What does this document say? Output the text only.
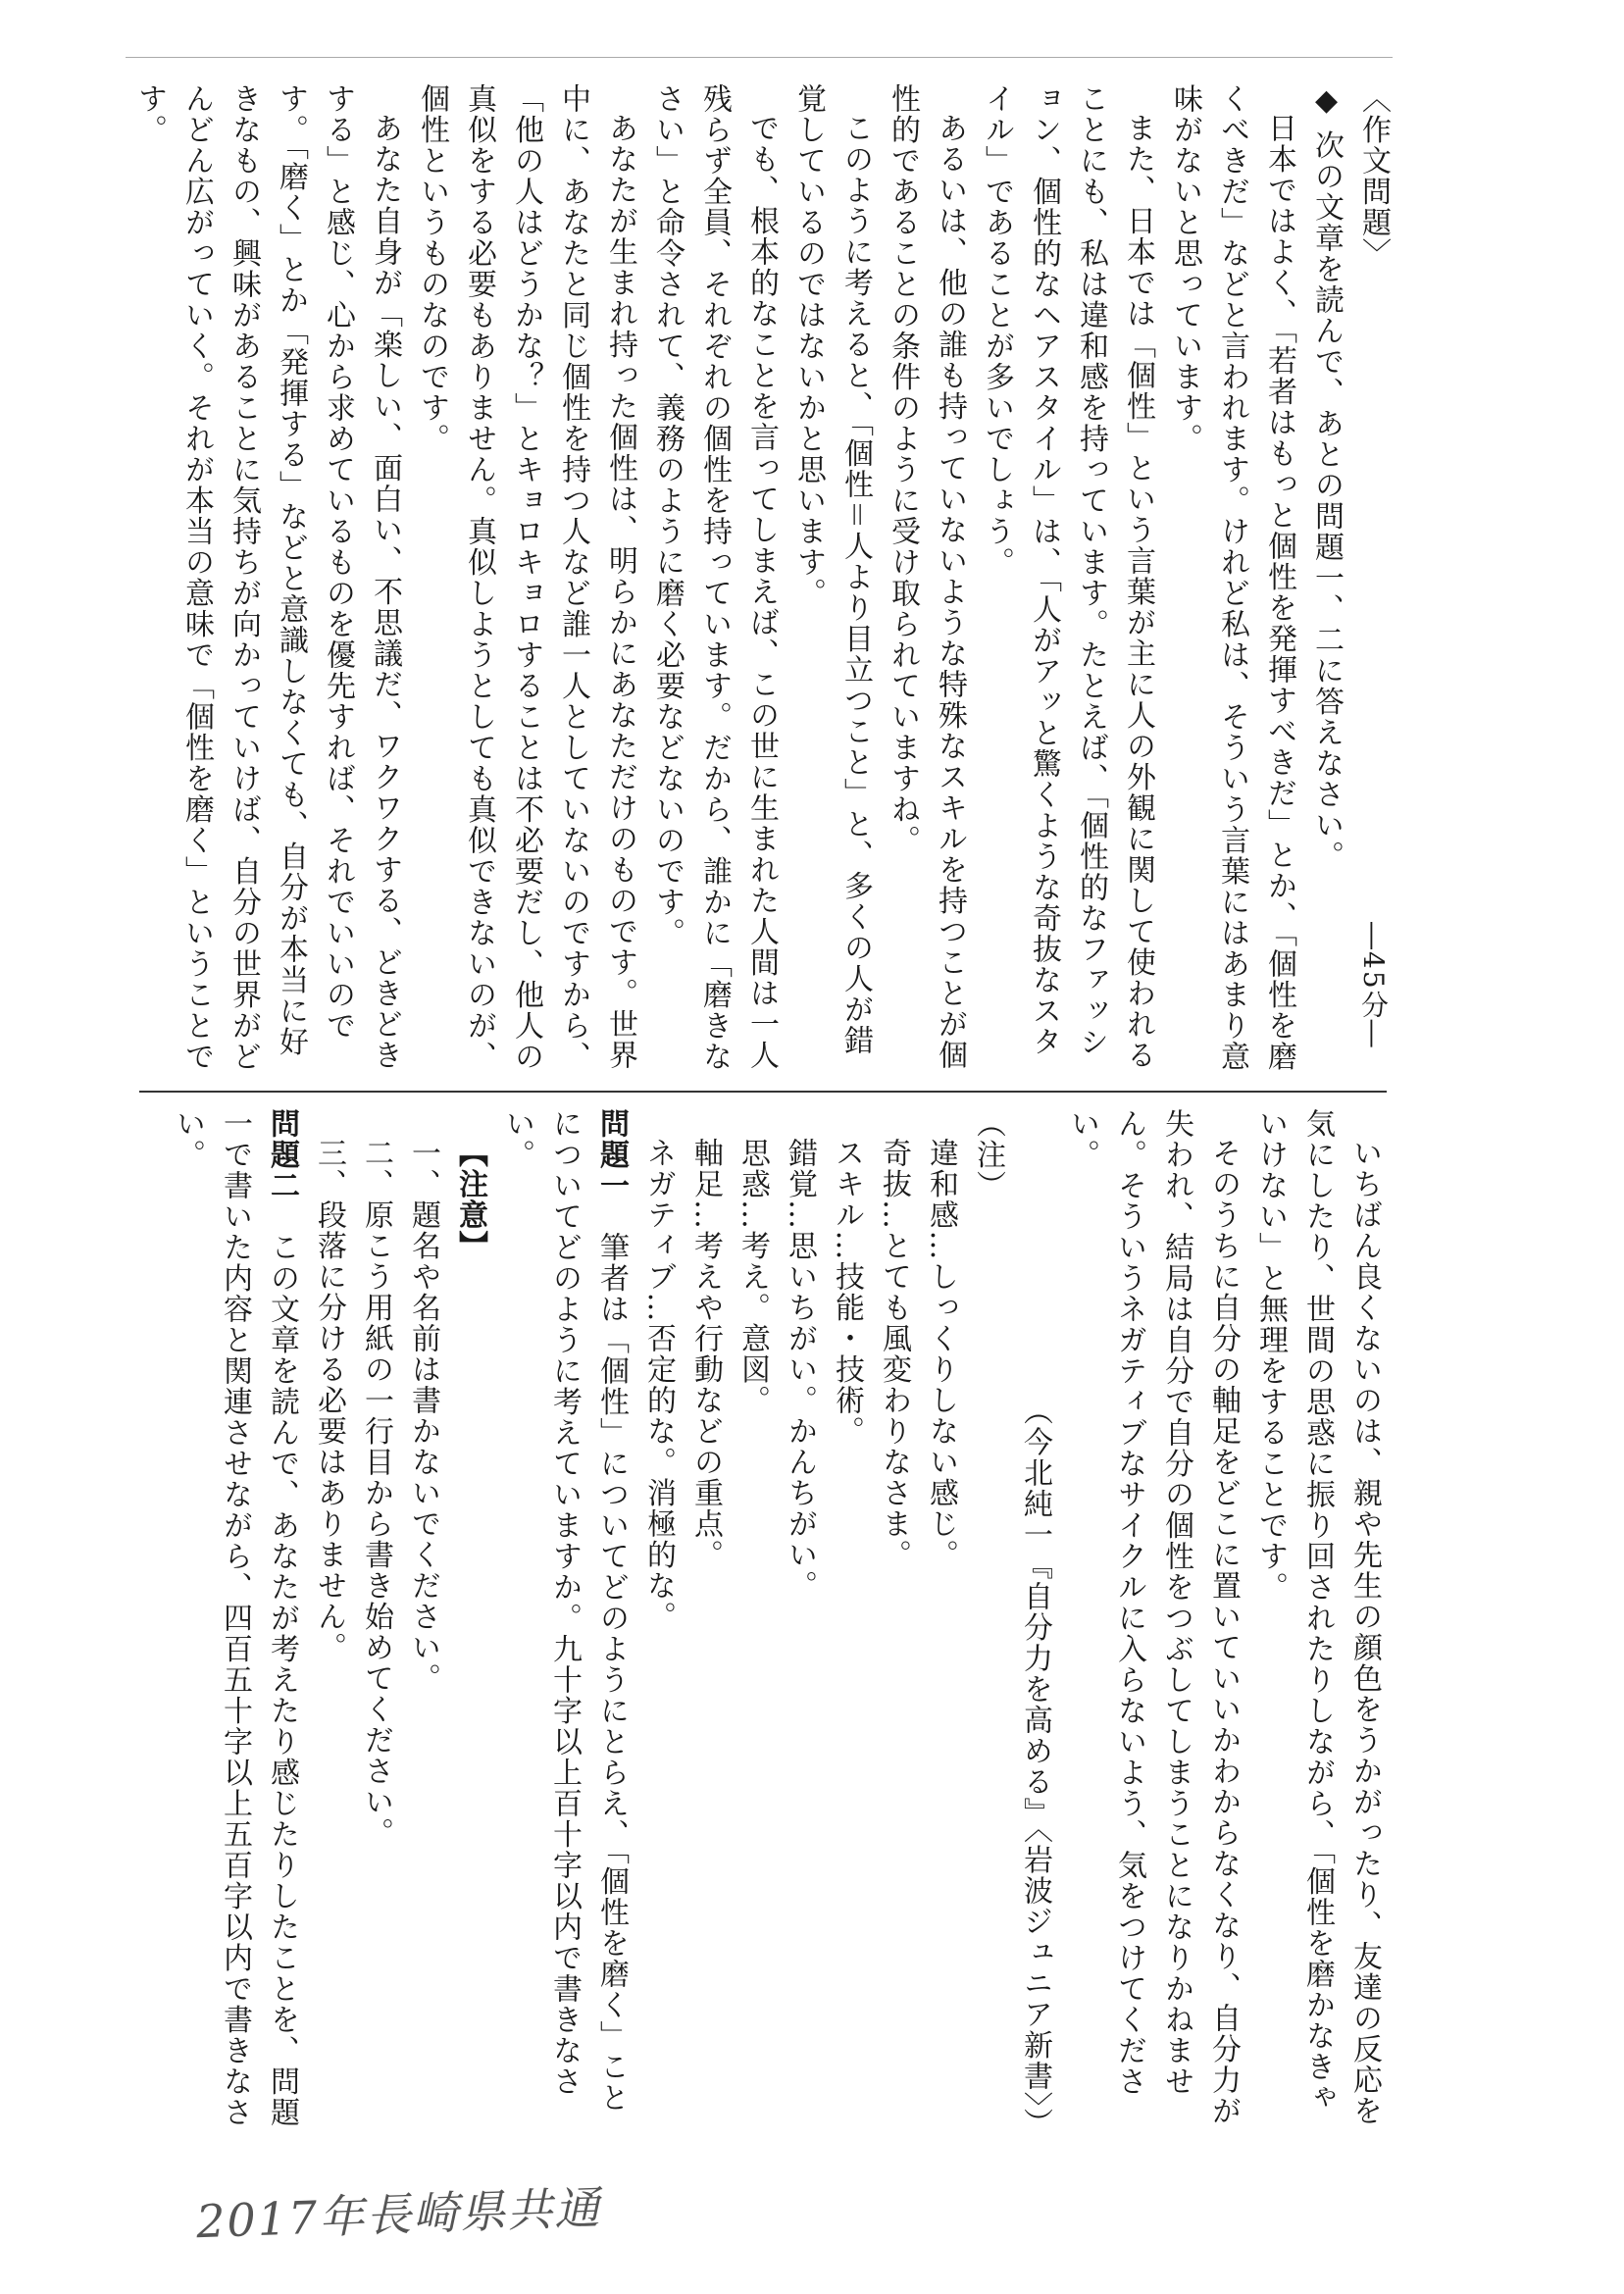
―45分―

〈作文問題〉

◆ 次の文章を読んで、あとの問題一、二に答えなさい。

日本ではよく、「若者はもっと個性を発揮すべきだ」とか、「個性を磨くべきだ」などと言われます。けれど私は、そういう言葉にはあまり意味がないと思っています。

また、日本では「個性」という言葉が主に人の外観に関して使われることにも、私は違和感を持っています。たとえば、「個性的なファッション、個性的なヘアスタイル」は、「人がアッと驚くような奇抜なスタイル」であることが多いでしょう。

あるいは、他の誰も持っていないような特殊なスキルを持つことが個性的であることの条件のように受け取られていますね。

このように考えると、「個性＝人より目立つこと」と、多くの人が錯覚しているのではないかと思います。

でも、根本的なことを言ってしまえば、この世に生まれた人間は一人残らず全員、それぞれの個性を持っています。だから、誰かに「磨きなさい」と命令されて、義務のように磨く必要などないのです。

あなたが生まれ持った個性は、明らかにあなただけのものです。世界中に、あなたと同じ個性を持つ人など誰一人としていないのですから、「他の人はどうかな？」とキョロキョロすることは不必要だし、他人の真似をする必要もありません。真似しようとしても真似できないのが、個性というものなのです。

あなた自身が「楽しい、面白い、不思議だ、ワクワクする、どきどきする」と感じ、心から求めているものを優先すれば、それでいいのです。「磨く」とか「発揮する」などと意識しなくても、自分が本当に好きなもの、興味があることに気持ちが向かっていけば、自分の世界がどんどん広がっていく。それが本当の意味で「個性を磨く」ということです。

いちばん良くないのは、親や先生の顔色をうかがったり、友達の反応を気にしたり、世間の思惑に振り回されたりしながら、「個性を磨かなきゃいけない」と無理をすることです。

そのうちに自分の軸足をどこに置いていいかわからなくなり、自分力が失われ、結局は自分で自分の個性をつぶしてしまうことになりかねません。そういうネガティブなサイクルに入らないよう、気をつけてください。

（今北純一『自分力を高める』〈岩波ジュニア新書〉）

（注）

違和感…しっくりしない感じ。

奇抜…とても風変わりなさま。

スキル…技能・技術。

錯覚…思いちがい。かんちがい。

思惑…考え。意図。

軸足…考えや行動などの重点。

ネガティブ…否定的な。消極的な。

問題一　筆者は「個性」についてどのようにとらえ、「個性を磨く」ことについてどのように考えていますか。九十字以上百十字以内で書きなさい。

【注意】

一、題名や名前は書かないでください。

二、原こう用紙の一行目から書き始めてください。

三、段落に分ける必要はありません。

問題二　この文章を読んで、あなたが考えたり感じたりしたことを、問題一で書いた内容と関連させながら、四百五十字以上五百字以内で書きなさい。

2017年長崎県共通
